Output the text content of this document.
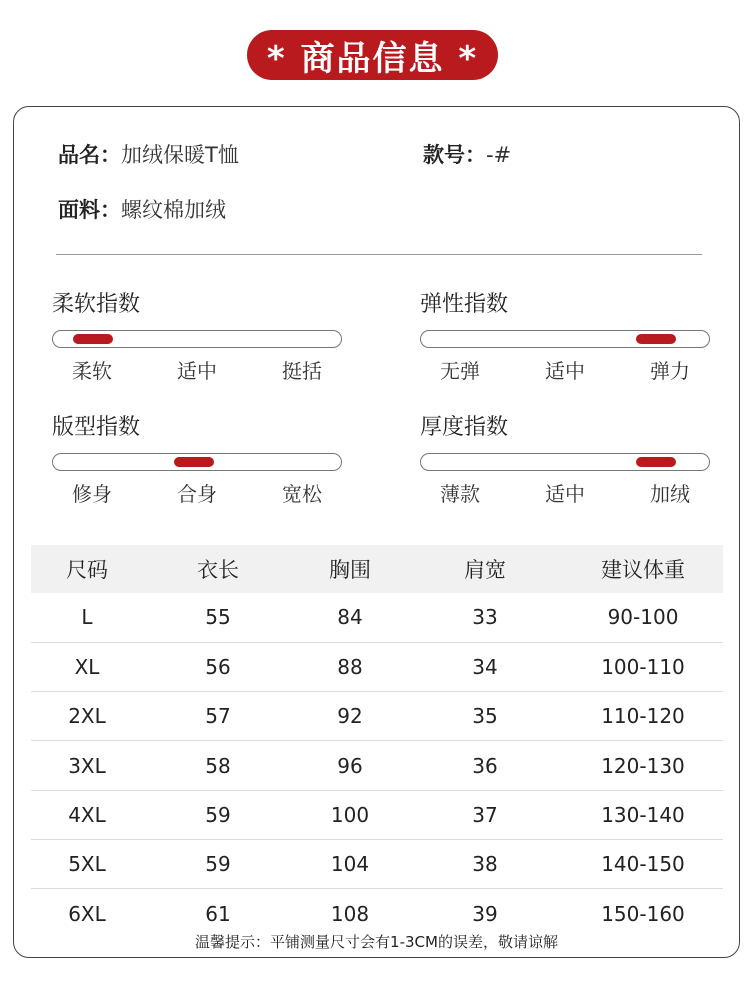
* 商品信息 *
品名：加绒保暖T恤	款号：-#
面料：螺纹棉加绒
柔软指数
柔软	适中	挺括
弹性指数
无弹	适中	弹力
版型指数
修身	合身	宽松
厚度指数
薄款	适中	加绒
尺码	衣长	胸围	肩宽	建议体重
L	55	84	33	90-100
XL	56	88	34	100-110
2XL	57	92	35	110-120
3XL	58	96	36	120-130
4XL	59	100	37	130-140
5XL	59	104	38	140-150
6XL	61	108	39	150-160
温馨提示：平铺测量尺寸会有1-3CM的误差，敬请谅解
